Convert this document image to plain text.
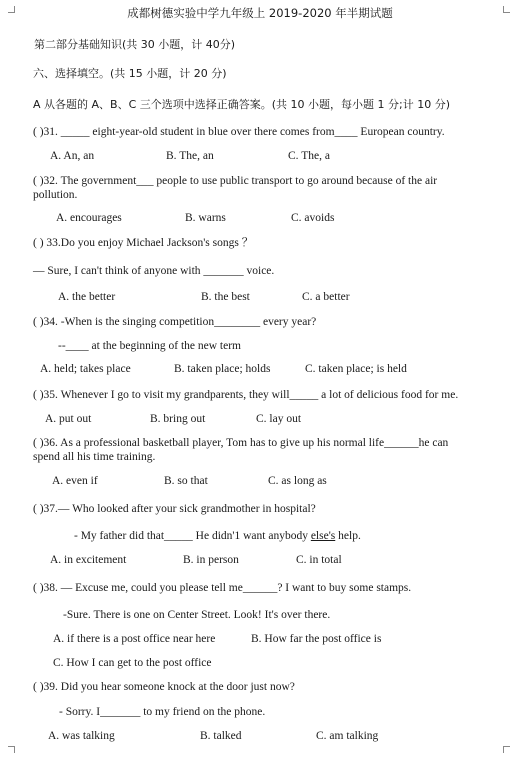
成都树德实验中学九年级上 2019-2020 年半期试题
第二部分基础知识(共 30 小题，计 40分)
六、选择填空。(共 15 小题，计 20 分)
A 从各题的 A、B、C 三个选项中选择正确答案。(共 10 小题，每小题 1 分;计 10 分)
( )31. _____ eight-year-old student in blue over there comes from____ European country.
A. An, an	B. The, an	C. The, a
( )32. The government___ people to use public transport to go around because of the air
pollution.
A. encourages	B. warns	C. avoids
( ) 33.Do you enjoy Michael Jackson's songs ？
— Sure, I can't think of anyone with _______ voice.
A. the better	B. the best	C. a better
( )34. -When is the singing competition________ every year?
--____ at the beginning of the new term
A. held; takes place	B. taken place; holds	C. taken place; is held
( )35. Whenever I go to visit my grandparents, they will_____ a lot of delicious food for me.
A. put out	B. bring out	C. lay out
( )36. As a professional basketball player, Tom has to give up his normal life______he can
spend all his time training.
A. even if	B. so that	C. as long as
( )37.— Who looked after your sick grandmother in hospital?
- My father did that_____ He didn'1 want anybody else's help.
A. in excitement	B. in person	C. in total
( )38. — Excuse me, could you please tell me______? I want to buy some stamps.
-Sure. There is one on Center Street. Look! It's over there.
A. if there is a post office near here	B. How far the post office is
C. How I can get to the post office
( )39. Did you hear someone knock at the door just now?
- Sorry. I_______ to my friend on the phone.
A. was talking	B. talked	C. am talking
